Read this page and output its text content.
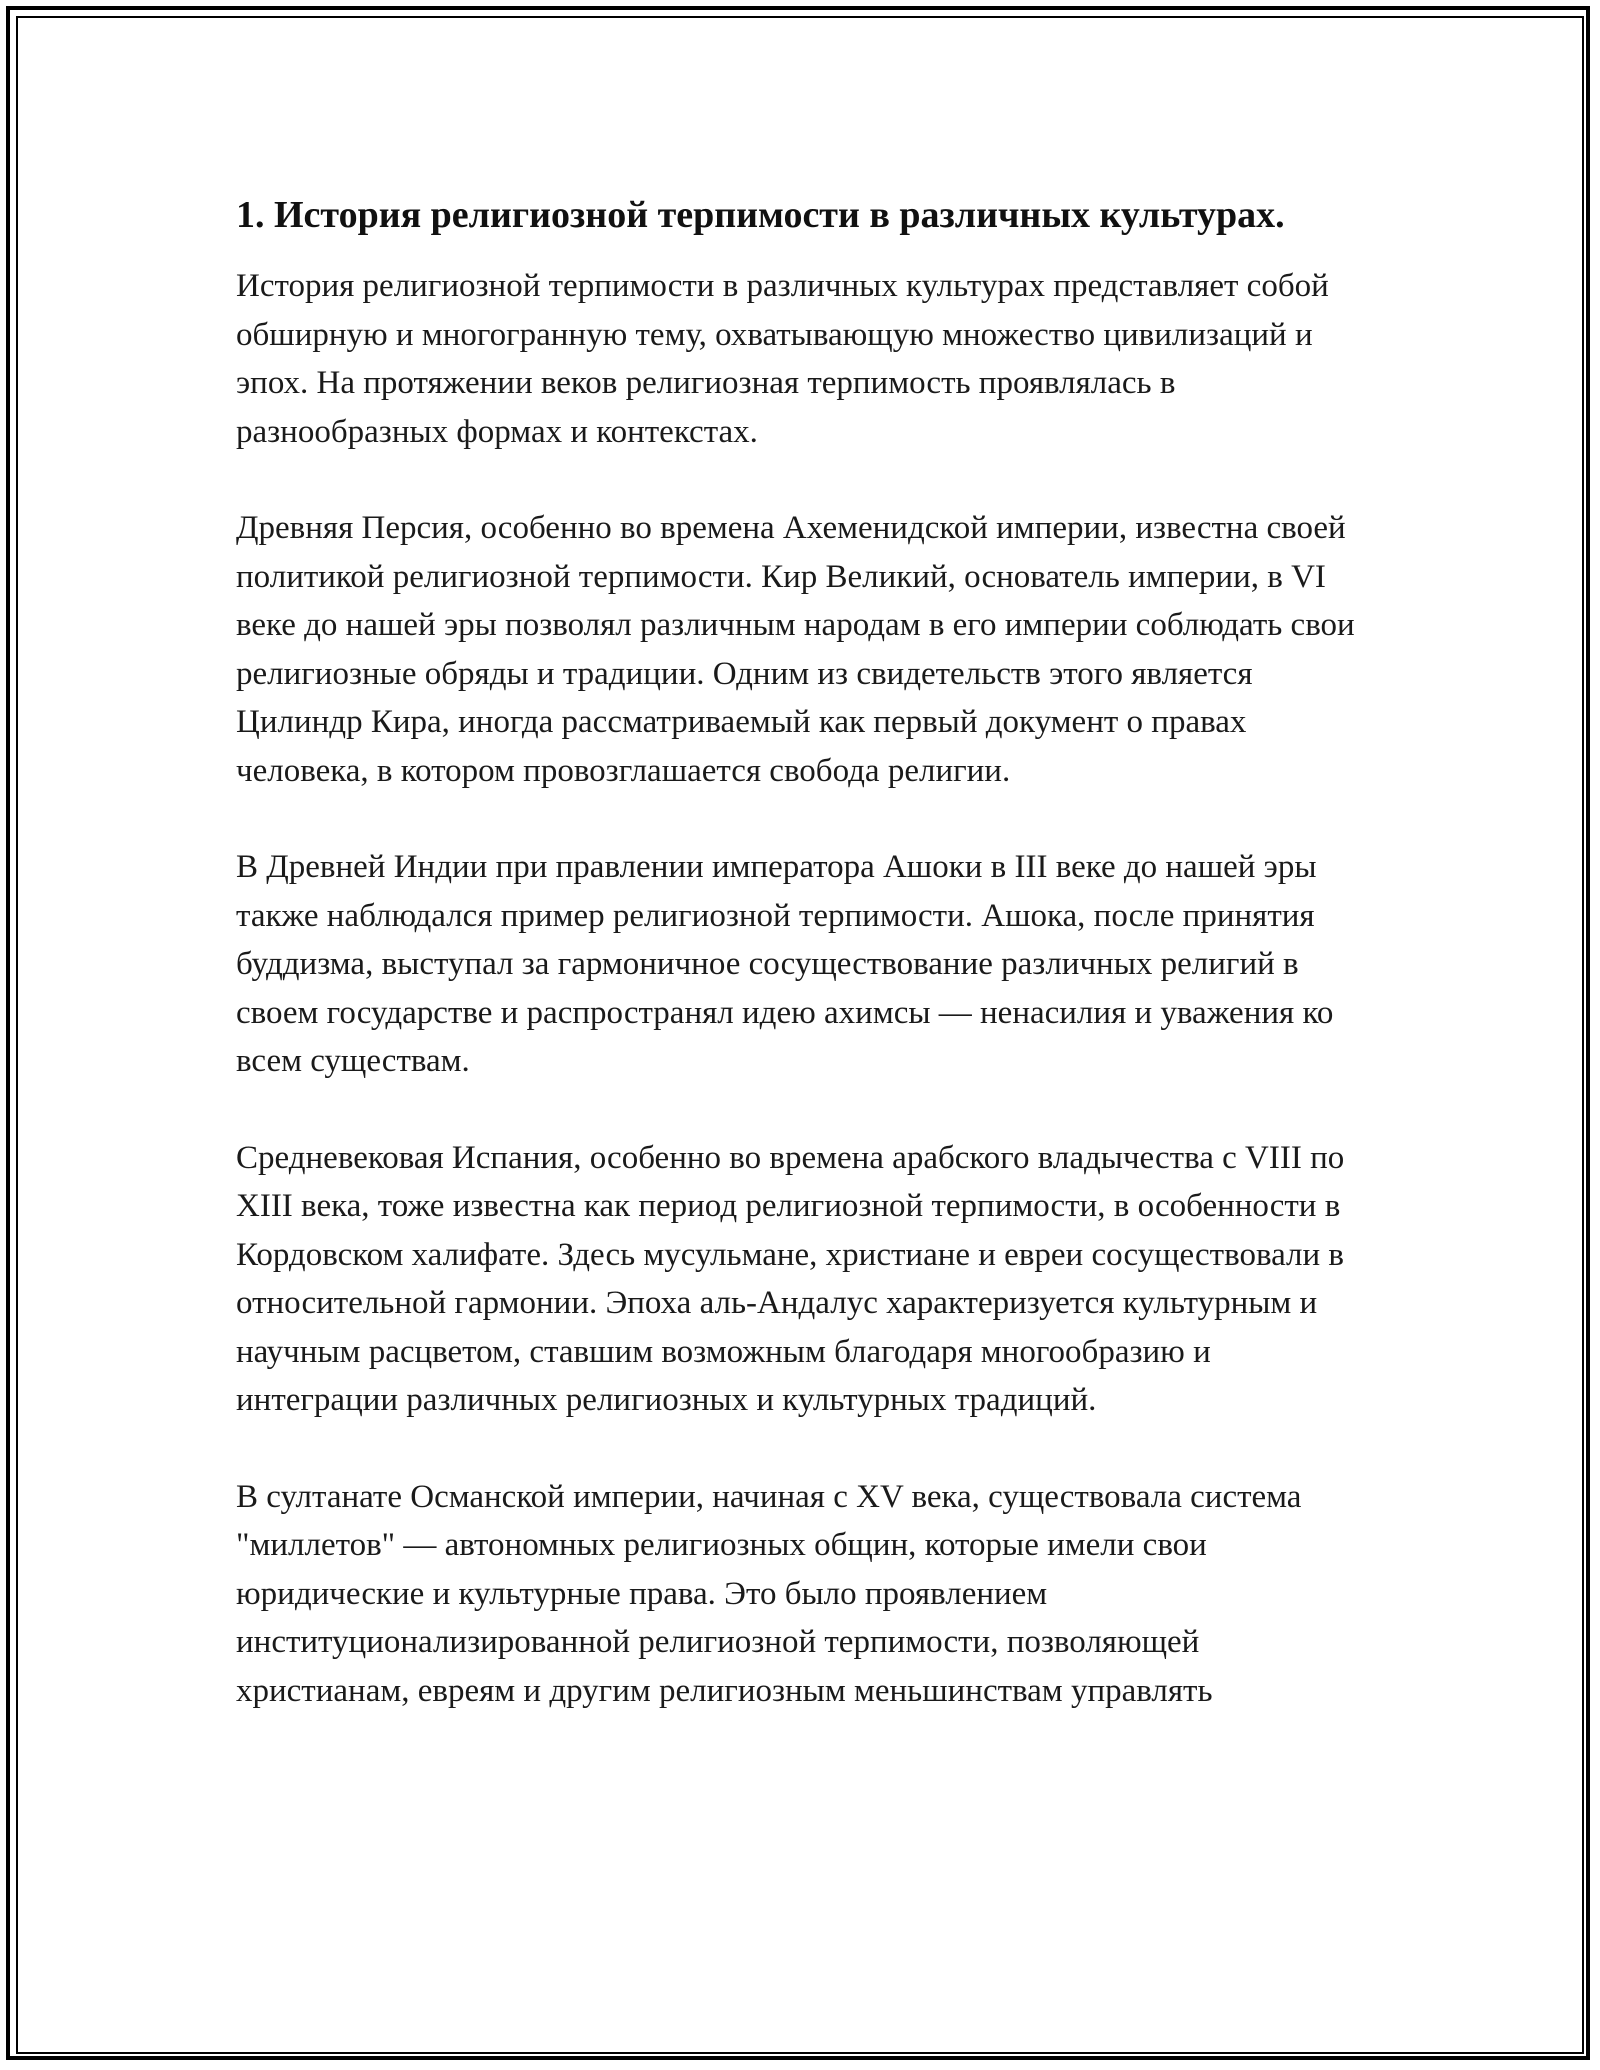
1. История религиозной терпимости в различных культурах.

История религиозной терпимости в различных культурах представляет собой обширную и многогранную тему, охватывающую множество цивилизаций и эпох. На протяжении веков религиозная терпимость проявлялась в разнообразных формах и контекстах.

Древняя Персия, особенно во времена Ахеменидской империи, известна своей политикой религиозной терпимости. Кир Великий, основатель империи, в VI веке до нашей эры позволял различным народам в его империи соблюдать свои религиозные обряды и традиции. Одним из свидетельств этого является Цилиндр Кира, иногда рассматриваемый как первый документ о правах человека, в котором провозглашается свобода религии.

В Древней Индии при правлении императора Ашоки в III веке до нашей эры также наблюдался пример религиозной терпимости. Ашока, после принятия буддизма, выступал за гармоничное сосуществование различных религий в своем государстве и распространял идею ахимсы — ненасилия и уважения ко всем существам.

Средневековая Испания, особенно во времена арабского владычества с VIII по XIII века, тоже известна как период религиозной терпимости, в особенности в Кордовском халифате. Здесь мусульмане, христиане и евреи сосуществовали в относительной гармонии. Эпоха аль-Андалус характеризуется культурным и научным расцветом, ставшим возможным благодаря многообразию и интеграции различных религиозных и культурных традиций.

В султанате Османской империи, начиная с XV века, существовала система "миллетов" — автономных религиозных общин, которые имели свои юридические и культурные права. Это было проявлением институционализированной религиозной терпимости, позволяющей христианам, евреям и другим религиозным меньшинствам управлять
